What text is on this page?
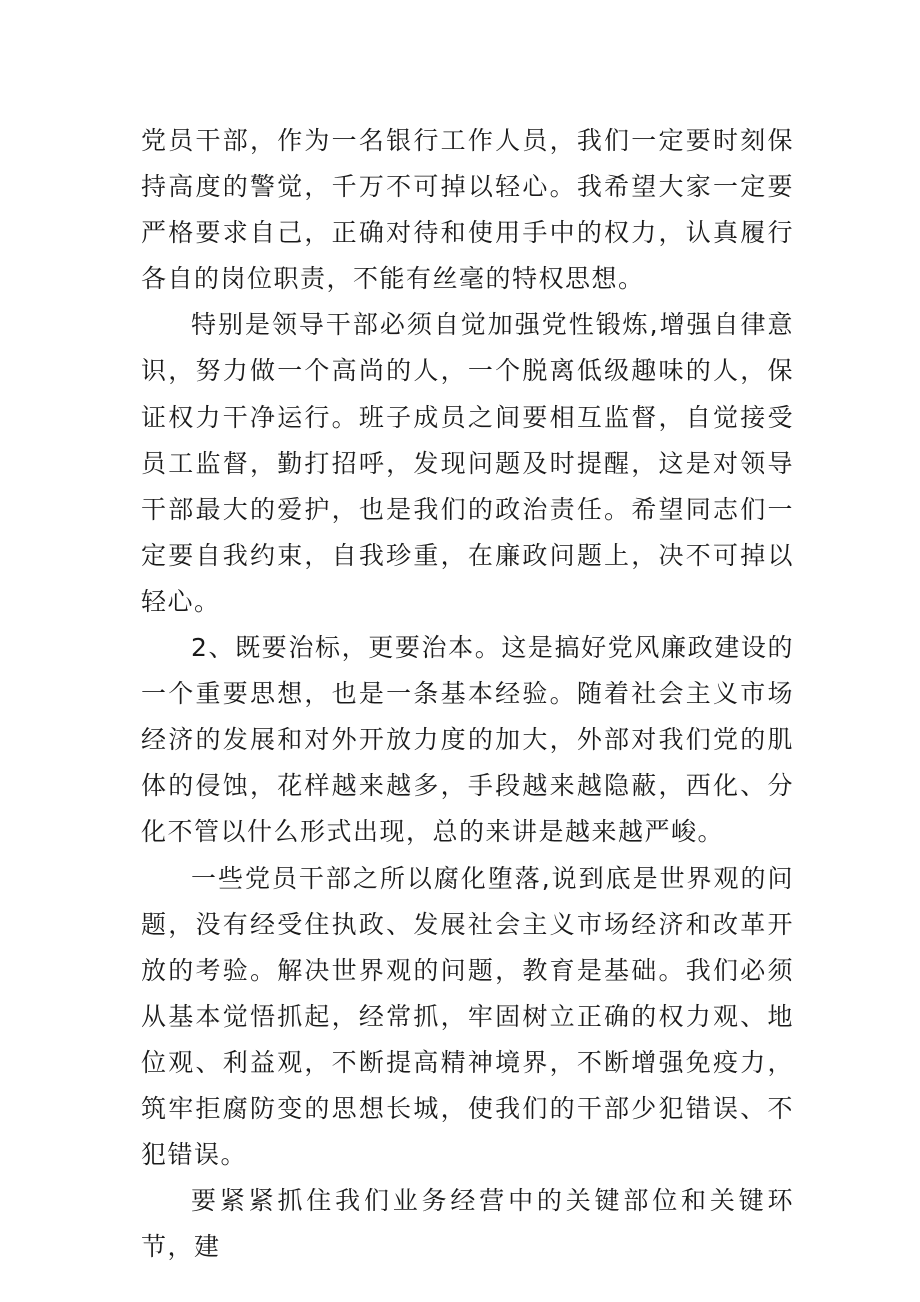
党员干部，作为一名银行工作人员，我们一定要时刻保持高度的警觉，千万不可掉以轻心。我希望大家一定要严格要求自己，正确对待和使用手中的权力，认真履行各自的岗位职责，不能有丝毫的特权思想。

特别是领导干部必须自觉加强党性锻炼,增强自律意识，努力做一个高尚的人，一个脱离低级趣味的人，保证权力干净运行。班子成员之间要相互监督，自觉接受员工监督，勤打招呼，发现问题及时提醒，这是对领导干部最大的爱护，也是我们的政治责任。希望同志们一定要自我约束，自我珍重，在廉政问题上，决不可掉以轻心。

2、既要治标，更要治本。这是搞好党风廉政建设的一个重要思想，也是一条基本经验。随着社会主义市场经济的发展和对外开放力度的加大，外部对我们党的肌体的侵蚀，花样越来越多，手段越来越隐蔽，西化、分化不管以什么形式出现，总的来讲是越来越严峻。

一些党员干部之所以腐化堕落,说到底是世界观的问题，没有经受住执政、发展社会主义市场经济和改革开放的考验。解决世界观的问题，教育是基础。我们必须从基本觉悟抓起，经常抓，牢固树立正确的权力观、地位观、利益观，不断提高精神境界，不断增强免疫力，筑牢拒腐防变的思想长城，使我们的干部少犯错误、不犯错误。

要紧紧抓住我们业务经营中的关键部位和关键环节，建
